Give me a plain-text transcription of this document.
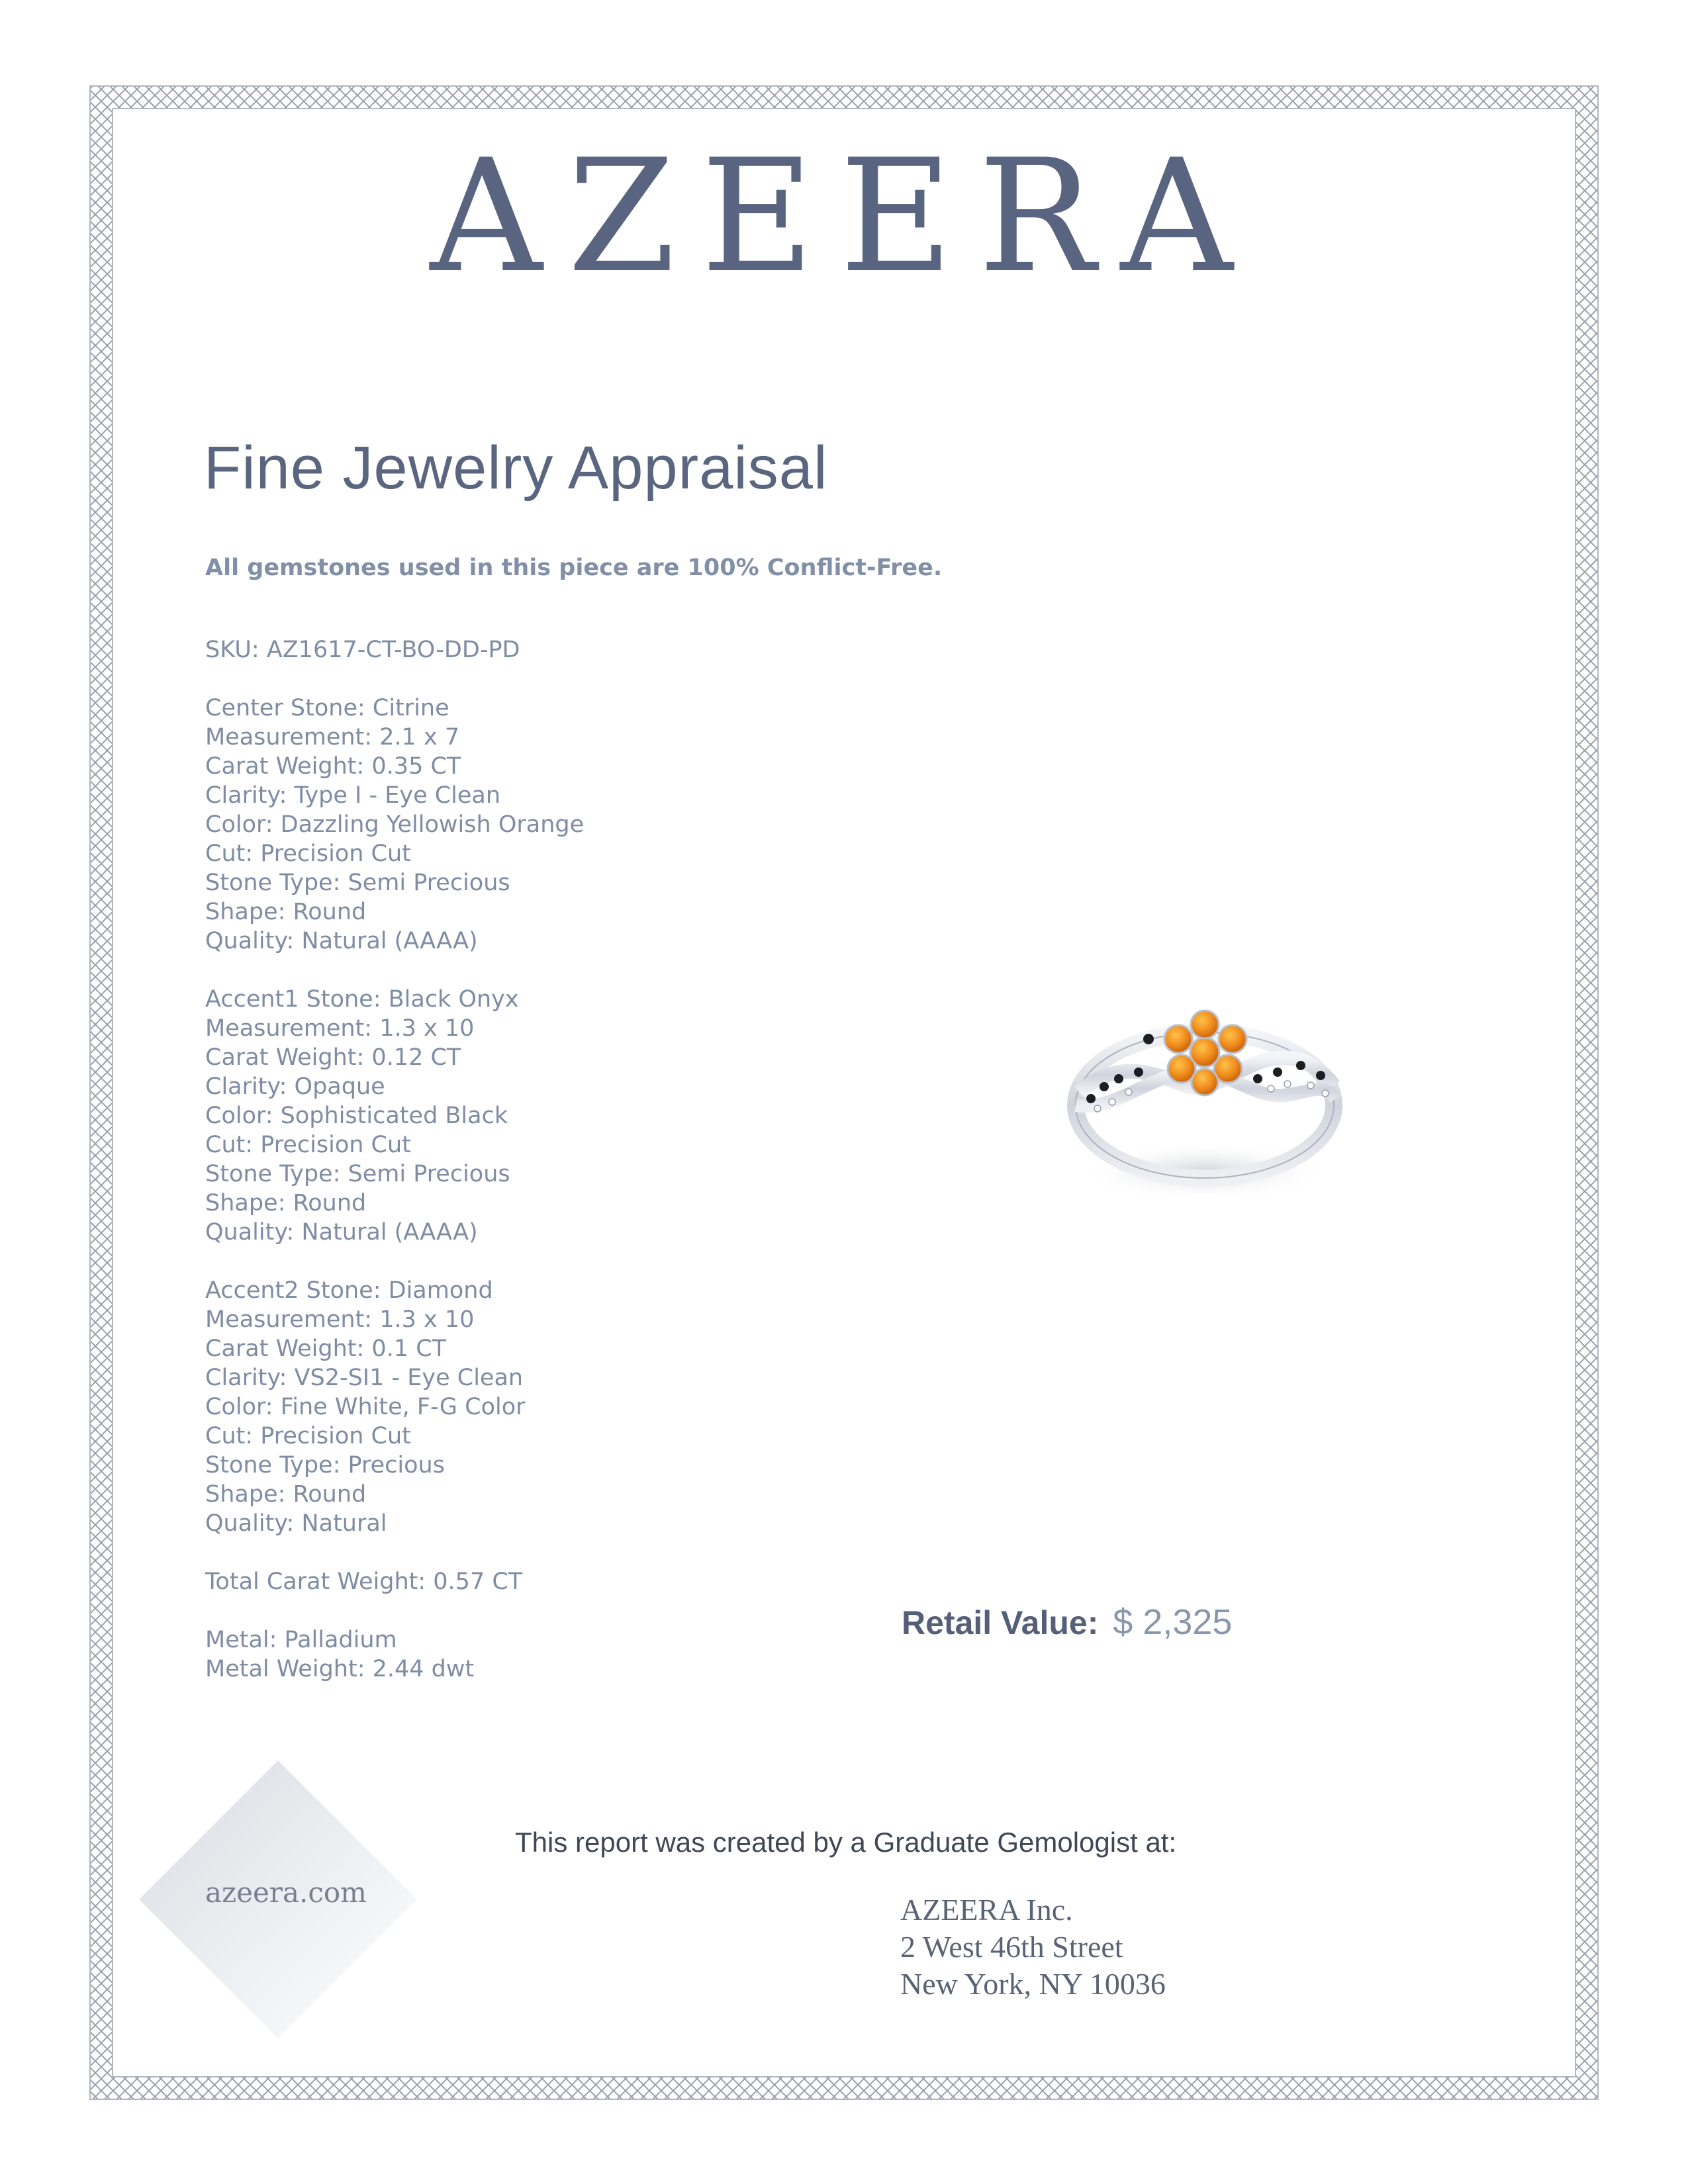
AZEERA
Fine Jewelry Appraisal
All gemstones used in this piece are 100% Conflict-Free.
SKU: AZ1617-CT-BO-DD-PD
Center Stone: Citrine
Measurement: 2.1 x 7
Carat Weight: 0.35 CT
Clarity: Type I - Eye Clean
Color: Dazzling Yellowish Orange
Cut: Precision Cut
Stone Type: Semi Precious
Shape: Round
Quality: Natural (AAAA)
Accent1 Stone: Black Onyx
Measurement: 1.3 x 10
Carat Weight: 0.12 CT
Clarity: Opaque
Color: Sophisticated Black
Cut: Precision Cut
Stone Type: Semi Precious
Shape: Round
Quality: Natural (AAAA)
Accent2 Stone: Diamond
Measurement: 1.3 x 10
Carat Weight: 0.1 CT
Clarity: VS2-SI1 - Eye Clean
Color: Fine White, F-G Color
Cut: Precision Cut
Stone Type: Precious
Shape: Round
Quality: Natural
Total Carat Weight: 0.57 CT
Metal: Palladium
Metal Weight: 2.44 dwt
Retail Value: $ 2,325
azeera.com
This report was created by a Graduate Gemologist at:
AZEERA Inc.
2 West 46th Street
New York, NY 10036
